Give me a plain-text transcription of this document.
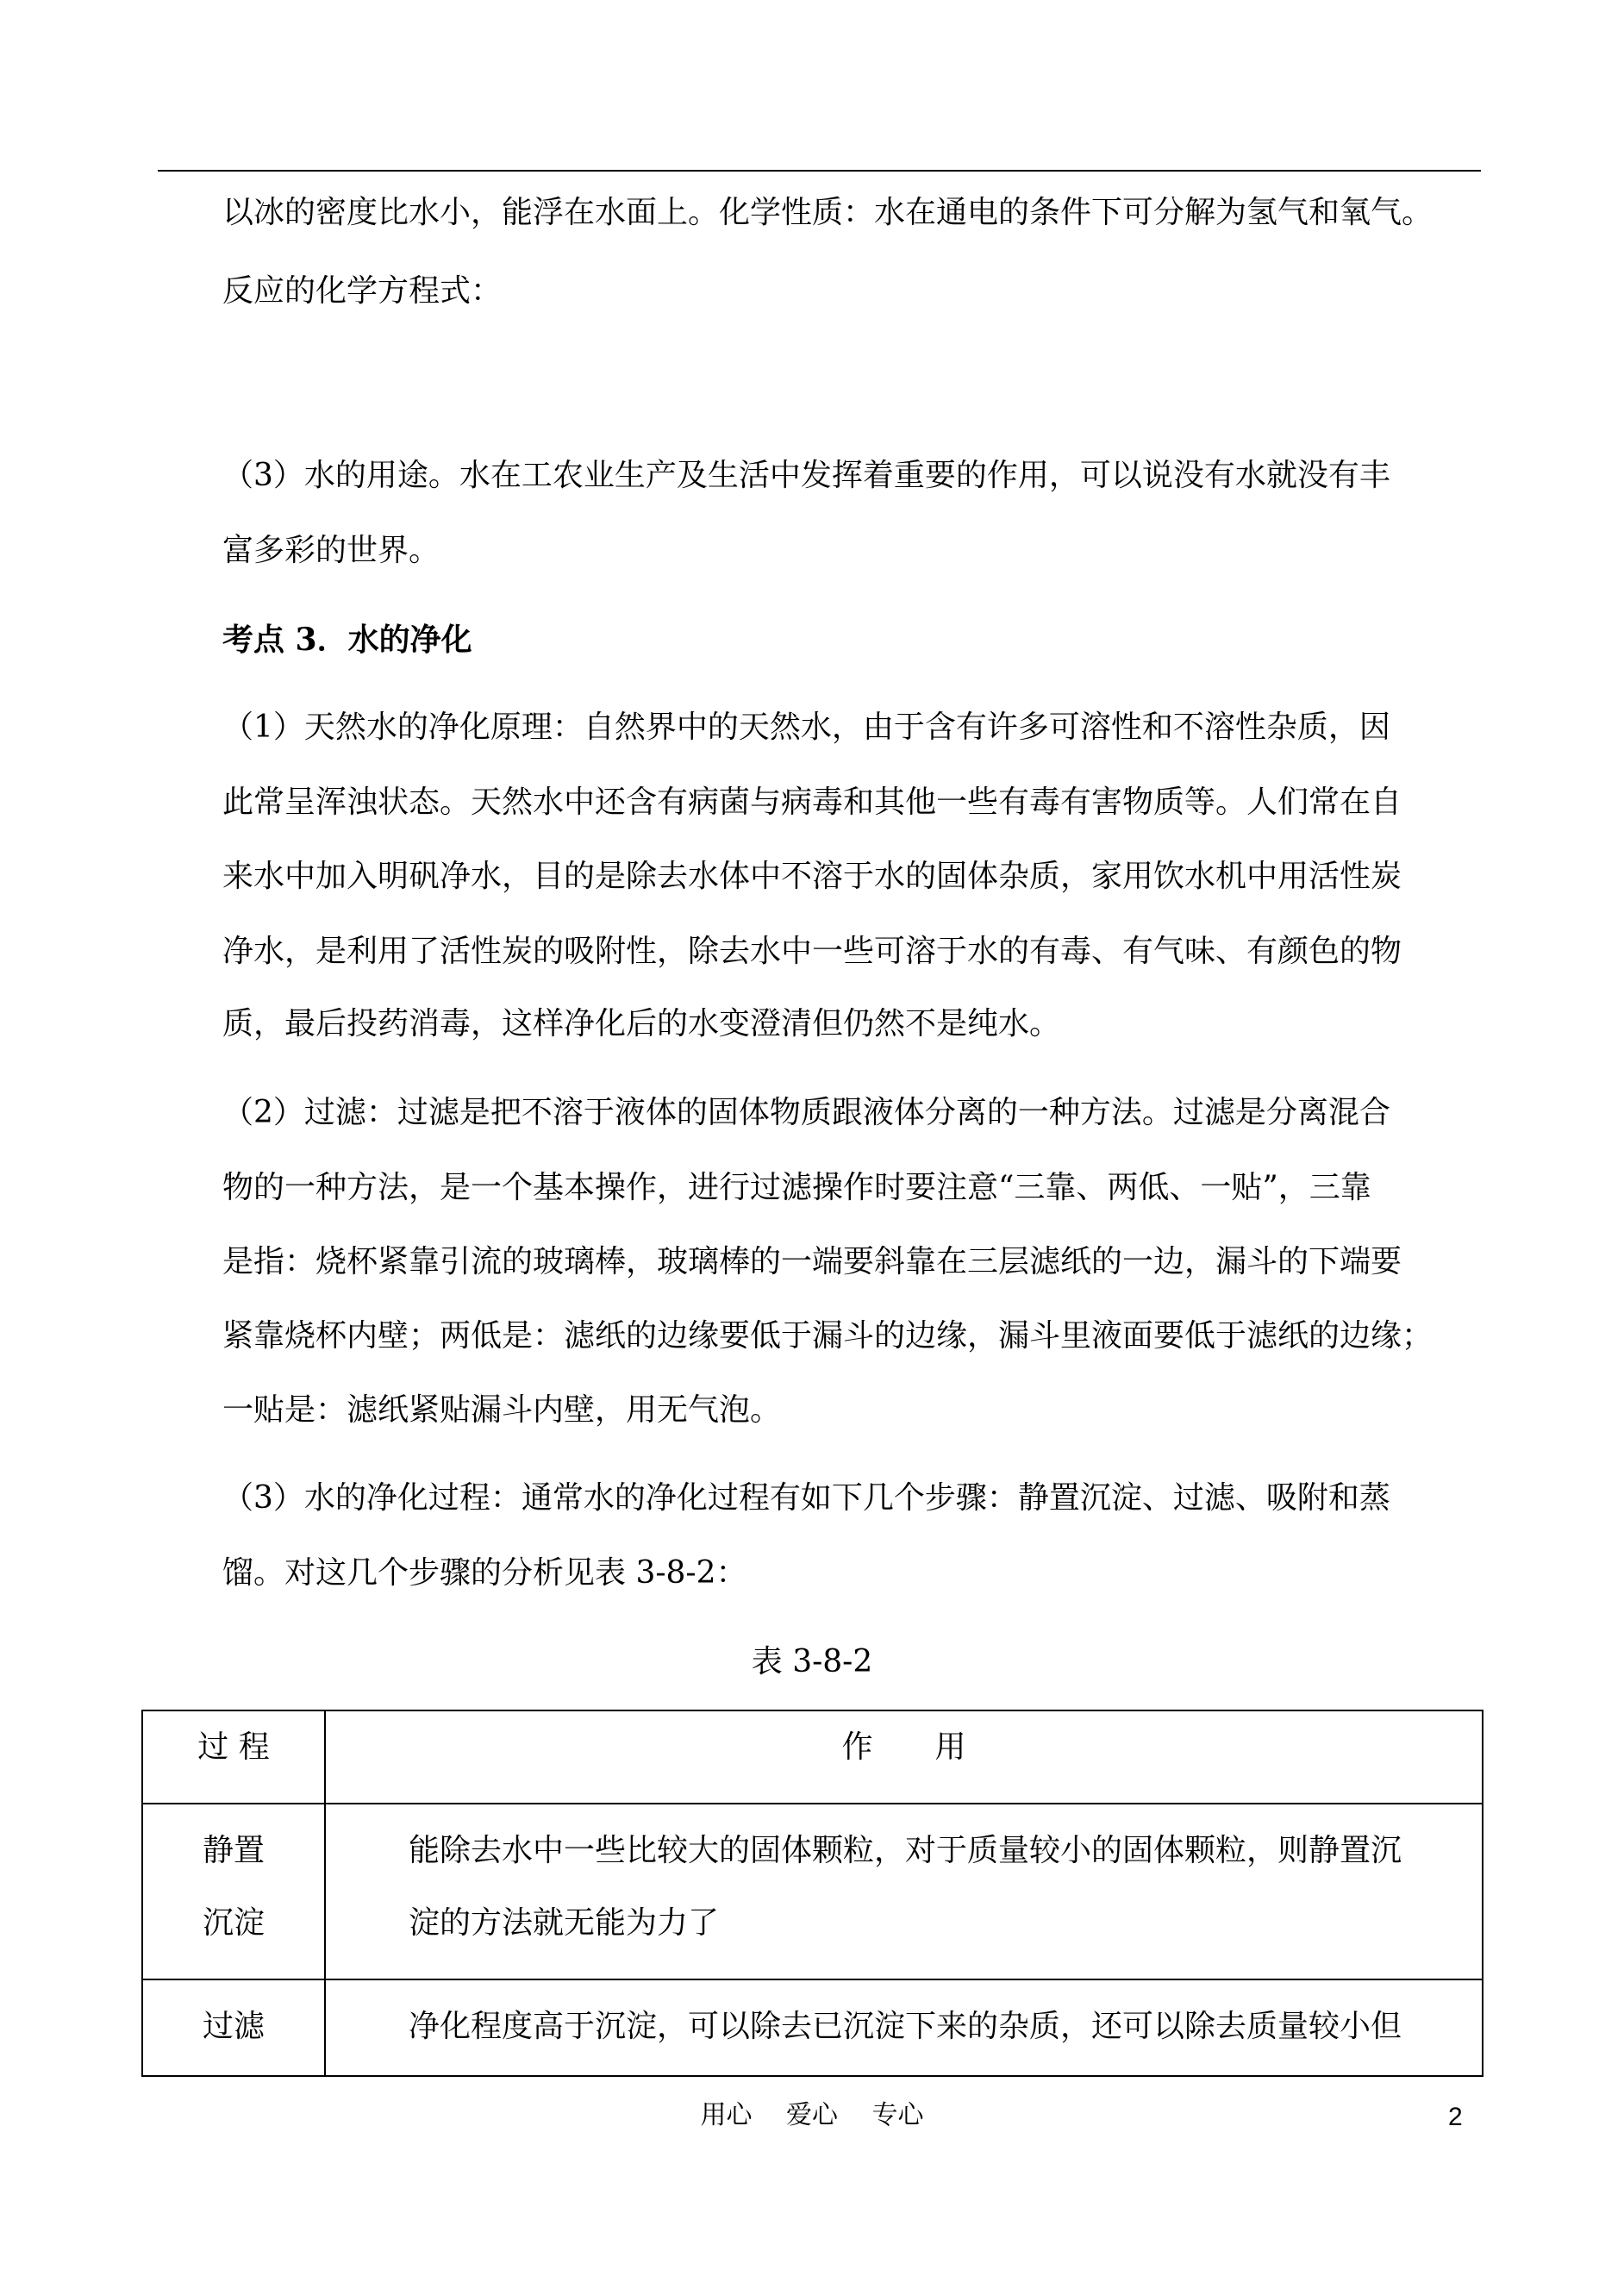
以冰的密度比水小，能浮在水面上。化学性质：水在通电的条件下可分解为氢气和氧气。
反应的化学方程式：
（3）水的用途。水在工农业生产及生活中发挥着重要的作用，可以说没有水就没有丰
富多彩的世界。
考点 3．水的净化
（1）天然水的净化原理：自然界中的天然水，由于含有许多可溶性和不溶性杂质，因
此常呈浑浊状态。天然水中还含有病菌与病毒和其他一些有毒有害物质等。人们常在自
来水中加入明矾净水，目的是除去水体中不溶于水的固体杂质，家用饮水机中用活性炭
净水，是利用了活性炭的吸附性，除去水中一些可溶于水的有毒、有气味、有颜色的物
质，最后投药消毒，这样净化后的水变澄清但仍然不是纯水。
（2）过滤：过滤是把不溶于液体的固体物质跟液体分离的一种方法。过滤是分离混合
物的一种方法，是一个基本操作，进行过滤操作时要注意“三靠、两低、一贴”，三靠
是指：烧杯紧靠引流的玻璃棒，玻璃棒的一端要斜靠在三层滤纸的一边，漏斗的下端要
紧靠烧杯内壁；两低是：滤纸的边缘要低于漏斗的边缘，漏斗里液面要低于滤纸的边缘；
一贴是：滤纸紧贴漏斗内壁，用无气泡。
（3）水的净化过程：通常水的净化过程有如下几个步骤：静置沉淀、过滤、吸附和蒸
馏。对这几个步骤的分析见表 3-8-2：
表 3-8-2
过 程	作　　用

静置
沉淀	能除去水中一些比较大的固体颗粒，对于质量较小的固体颗粒，则静置沉
淀的方法就无能为力了

过滤	净化程度高于沉淀，可以除去已沉淀下来的杂质，还可以除去质量较小但
用心　 爱心　 专心	2
